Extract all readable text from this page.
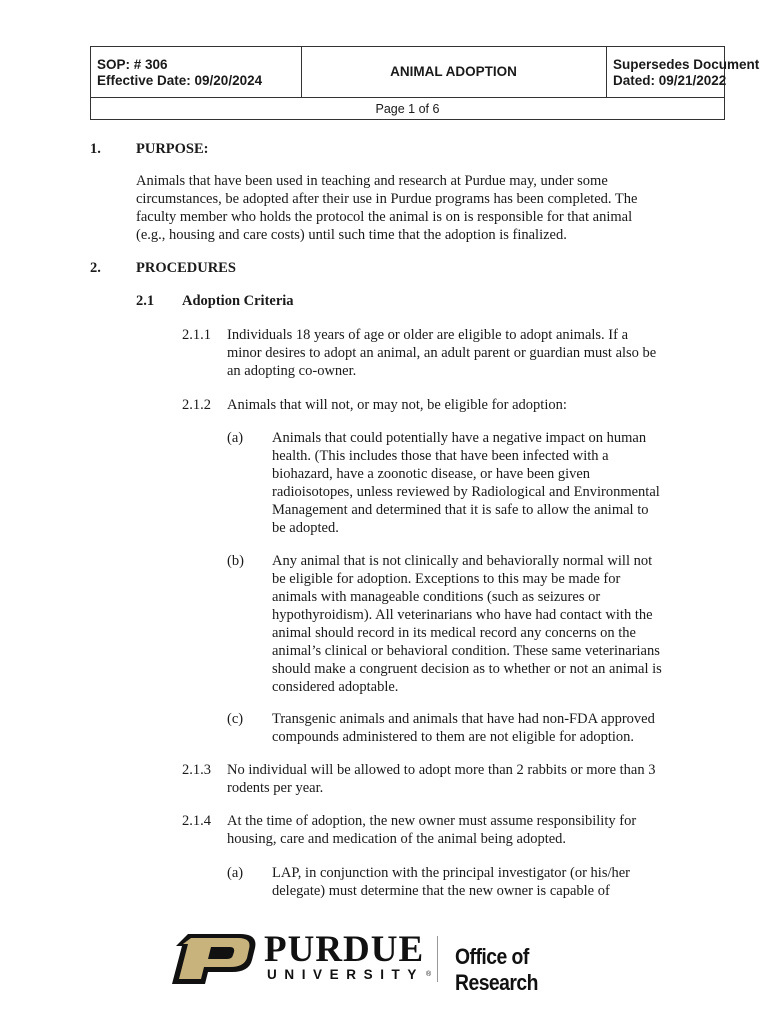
SOP: # 306
Effective Date: 09/20/2024
ANIMAL ADOPTION	Supersedes Document
Dated: 09/21/2022
Page 1 of 6
1. PURPOSE:
Animals that have been used in teaching and research at Purdue may, under some
circumstances, be adopted after their use in Purdue programs has been completed. The
faculty member who holds the protocol the animal is on is responsible for that animal
(e.g., housing and care costs) until such time that the adoption is finalized.
2. PROCEDURES
2.1 Adoption Criteria
2.1.1 Individuals 18 years of age or older are eligible to adopt animals. If a
minor desires to adopt an animal, an adult parent or guardian must also be
an adopting co-owner.
2.1.2 Animals that will not, or may not, be eligible for adoption:
(a) Animals that could potentially have a negative impact on human
health. (This includes those that have been infected with a
biohazard, have a zoonotic disease, or have been given
radioisotopes, unless reviewed by Radiological and Environmental
Management and determined that it is safe to allow the animal to
be adopted.
(b) Any animal that is not clinically and behaviorally normal will not
be eligible for adoption. Exceptions to this may be made for
animals with manageable conditions (such as seizures or
hypothyroidism). All veterinarians who have had contact with the
animal should record in its medical record any concerns on the
animal’s clinical or behavioral condition. These same veterinarians
should make a congruent decision as to whether or not an animal is
considered adoptable.
(c) Transgenic animals and animals that have had non-FDA approved
compounds administered to them are not eligible for adoption.
2.1.3 No individual will be allowed to adopt more than 2 rabbits or more than 3
rodents per year.
2.1.4 At the time of adoption, the new owner must assume responsibility for
housing, care and medication of the animal being adopted.
(a) LAP, in conjunction with the principal investigator (or his/her
delegate) must determine that the new owner is capable of
PURDUE
UNIVERSITY ®
Office of Research
